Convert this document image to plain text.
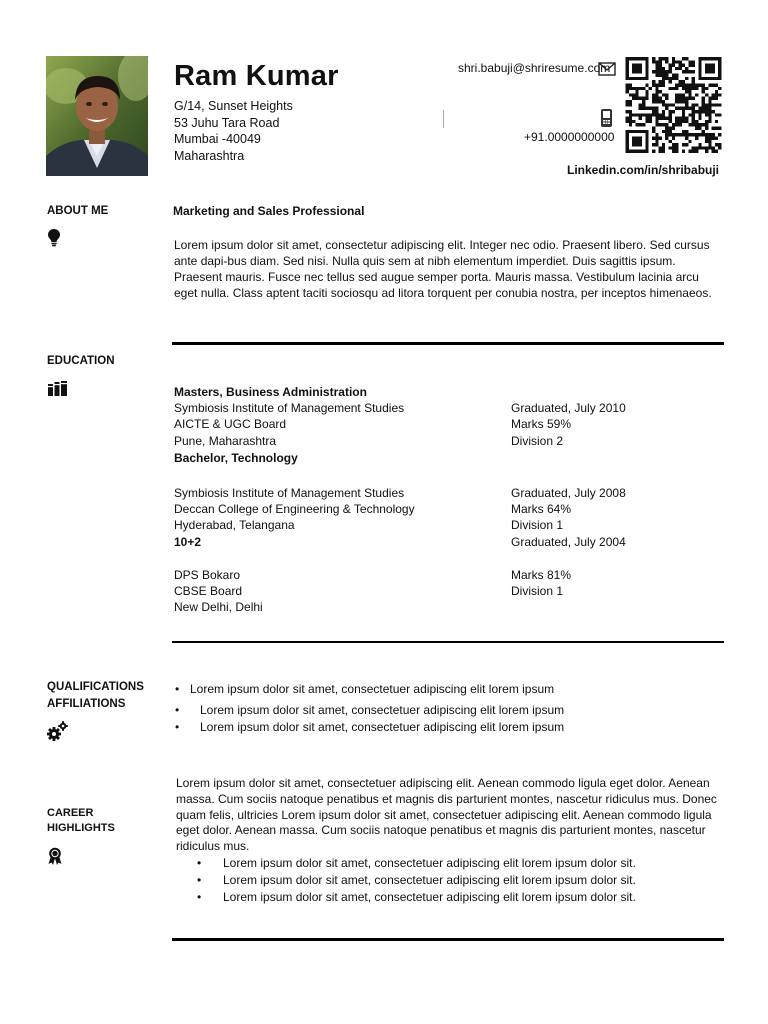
Ram Kumar
G/14, Sunset Heights
53 Juhu Tara Road
Mumbai -40049
Maharashtra
shri.babuji@shriresume.com
+91.0000000000
Linkedin.com/in/shribabuji
ABOUT ME	Marketing and Sales Professional
Lorem ipsum dolor sit amet, consectetur adipiscing elit. Integer nec odio. Praesent libero. Sed cursus ante dapi-bus diam. Sed nisi. Nulla quis sem at nibh elementum imperdiet. Duis sagittis ipsum. Praesent mauris. Fusce nec tellus sed augue semper porta. Mauris massa. Vestibulum lacinia arcu eget nulla. Class aptent taciti sociosqu ad litora torquent per conubia nostra, per inceptos himenaeos.
EDUCATION
Masters, Business Administration
Symbiosis Institute of Management Studies	Graduated, July 2010
AICTE & UGC Board	Marks 59%
Pune, Maharashtra	Division 2
Bachelor, Technology
Symbiosis Institute of Management Studies	Graduated, July 2008
Deccan College of Engineering & Technology	Marks 64%
Hyderabad, Telangana	Division 1
10+2	Graduated, July 2004
DPS Bokaro	Marks 81%
CBSE Board	Division 1
New Delhi, Delhi
QUALIFICATIONS
AFFILIATIONS
• Lorem ipsum dolor sit amet, consectetuer adipiscing elit lorem ipsum
• Lorem ipsum dolor sit amet, consectetuer adipiscing elit lorem ipsum
• Lorem ipsum dolor sit amet, consectetuer adipiscing elit lorem ipsum
CAREER
HIGHLIGHTS
Lorem ipsum dolor sit amet, consectetuer adipiscing elit. Aenean commodo ligula eget dolor. Aenean massa. Cum sociis natoque penatibus et magnis dis parturient montes, nascetur ridiculus mus. Donec quam felis, ultricies Lorem ipsum dolor sit amet, consectetuer adipiscing elit. Aenean commodo ligula eget dolor. Aenean massa. Cum sociis natoque penatibus et magnis dis parturient montes, nascetur ridiculus mus.
• Lorem ipsum dolor sit amet, consectetuer adipiscing elit lorem ipsum dolor sit.
• Lorem ipsum dolor sit amet, consectetuer adipiscing elit lorem ipsum dolor sit.
• Lorem ipsum dolor sit amet, consectetuer adipiscing elit lorem ipsum dolor sit.
